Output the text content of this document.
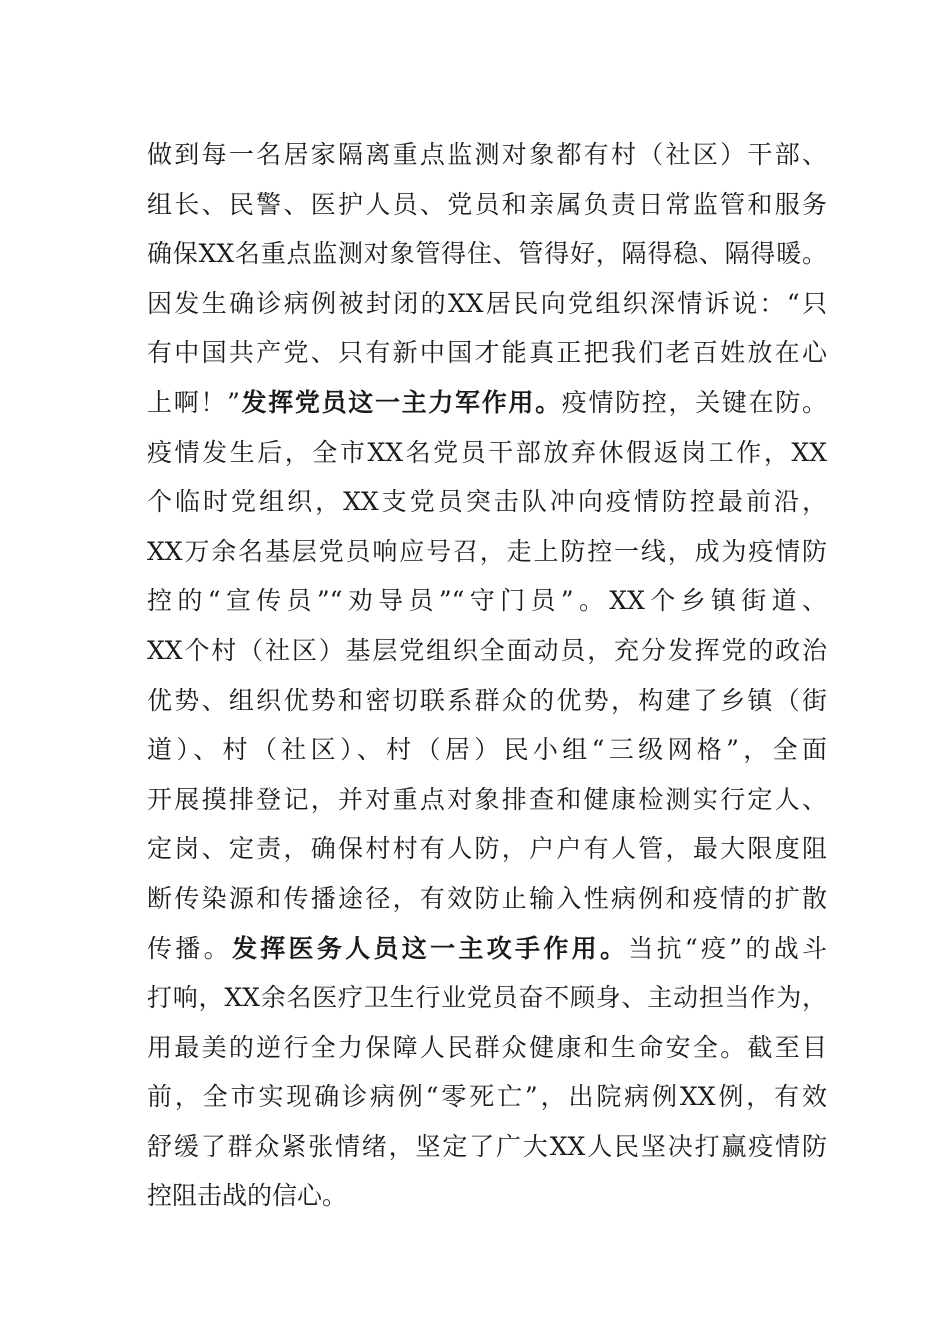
做到每一名居家隔离重点监测对象都有村（社区）干部、
组长、民警、医护人员、党员和亲属负责日常监管和服务
确保XX名重点监测对象管得住、管得好，隔得稳、隔得暖。
因发生确诊病例被封闭的XX居民向党组织深情诉说：“只
有中国共产党、只有新中国才能真正把我们老百姓放在心
上啊！”发挥党员这一主力军作用。疫情防控，关键在防。
疫情发生后，全市XX名党员干部放弃休假返岗工作，XX
个临时党组织，XX支党员突击队冲向疫情防控最前沿，
XX万余名基层党员响应号召，走上防控一线，成为疫情防
控的“宣传员”“劝导员”“守门员”。XX个乡镇街道、
XX个村（社区）基层党组织全面动员，充分发挥党的政治
优势、组织优势和密切联系群众的优势，构建了乡镇（街
道）、村（社区）、村（居）民小组“三级网格”，全面
开展摸排登记，并对重点对象排查和健康检测实行定人、
定岗、定责，确保村村有人防，户户有人管，最大限度阻
断传染源和传播途径，有效防止输入性病例和疫情的扩散
传播。发挥医务人员这一主攻手作用。当抗“疫”的战斗
打响，XX余名医疗卫生行业党员奋不顾身、主动担当作为，
用最美的逆行全力保障人民群众健康和生命安全。截至目
前，全市实现确诊病例“零死亡”，出院病例XX例，有效
舒缓了群众紧张情绪，坚定了广大XX人民坚决打赢疫情防
控阻击战的信心。
